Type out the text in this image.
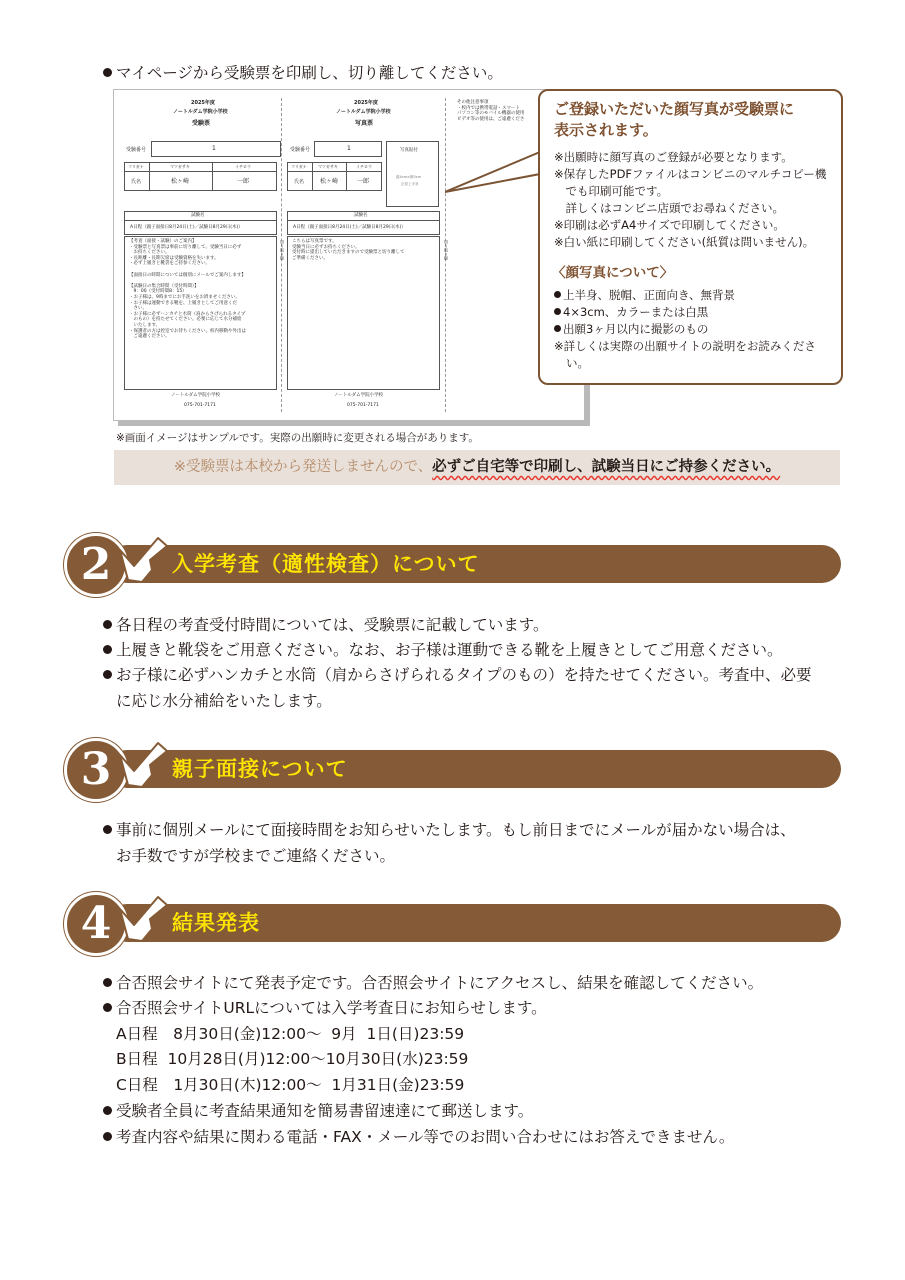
マイページから受験票を印刷し、切り離してください。
2025年度
ノートルダム学院小学校
受験票
受験番号	1
フリガナ	マツガサキ	イチロウ
氏名	松ヶ崎	一郎
試験名
A日程（親子面接日8月24日(土)／試験日8月29日(木)）
【考査（面接・試験）のご案内】
・受験票と写真票は事前に切り離して、受験当日に必ず
　お持ちください。
・長距離・長期欠席は受験資格を失います。
・必ず上履きと靴袋をご持参ください。
【面接日の時間については個別にメールでご案内します】
【試験日の集合時間（受付時間）】
　9：00（受付時間8：15）
・お子様は、9時までにお手洗いをお済ませください。
・お子様は運動できる靴を、上履きとしてご用意くだ
　さい。
・お子様に必ずハンカチと水筒（肩からさげられるタイプ
　のもの）を持たせてください。必要に応じて水分補給
　いたします。
・保護者の方は控室でお待ちください。校内移動や外出は
　ご遠慮ください。
ノートルダム学院小学校
075-701-7171
切り取り線
2025年度
ノートルダム学院小学校
写真票
受験番号	1	写真貼付
縦4cm×横3cm
正面上半身
フリガナ	マツガサキ	イチロウ
氏名	松ヶ崎	一郎
試験名
A日程（親子面接日8月24日(土)／試験日8月29日(木)）
こちらは写真票です。
受験当日に必ずお持ちください。
受付時に提出していただきますので受験票と切り離して
ご準備ください。
ノートルダム学院小学校
075-701-7171
切り取り線
その他注意事項
・校内では携帯電話・スマート
パソコン等のモバイル機器の使用
ビデオ等の使用は、ご遠慮くださ
ご登録いただいた顔写真が受験票に
表示されます。
※出願時に顔写真のご登録が必要となります。
※保存したPDFファイルはコンビニのマルチコピー機
　でも印刷可能です。
　詳しくはコンビニ店頭でお尋ねください。
※印刷は必ずA4サイズで印刷してください。
※白い紙に印刷してください(紙質は問いません)。
〈顔写真について〉
上半身、脱帽、正面向き、無背景
4×3cm、カラーまたは白黒
出願3ヶ月以内に撮影のもの
※詳しくは実際の出願サイトの説明をお読みくださ
い。
※画面イメージはサンプルです。実際の出願時に変更される場合があります。
※受験票は本校から発送しませんので、必ずご自宅等で印刷し、試験当日にご持参ください。
2	入学考査（適性検査）について
各日程の考査受付時間については、受験票に記載しています。
上履きと靴袋をご用意ください。なお、お子様は運動できる靴を上履きとしてご用意ください。
お子様に必ずハンカチと水筒（肩からさげられるタイプのもの）を持たせてください。考査中、必要
に応じ水分補給をいたします。
3	親子面接について
事前に個別メールにて面接時間をお知らせいたします。もし前日までにメールが届かない場合は、
お手数ですが学校までご連絡ください。
4	結果発表
合否照会サイトにて発表予定です。合否照会サイトにアクセスし、結果を確認してください。
合否照会サイトURLについては入学考査日にお知らせします。
A日程　8月30日(金)12:00～  9月  1日(日)23:59
B日程  10月28日(月)12:00～10月30日(水)23:59
C日程　1月30日(木)12:00～  1月31日(金)23:59
受験者全員に考査結果通知を簡易書留速達にて郵送します。
考査内容や結果に関わる電話・FAX・メール等でのお問い合わせにはお答えできません。
